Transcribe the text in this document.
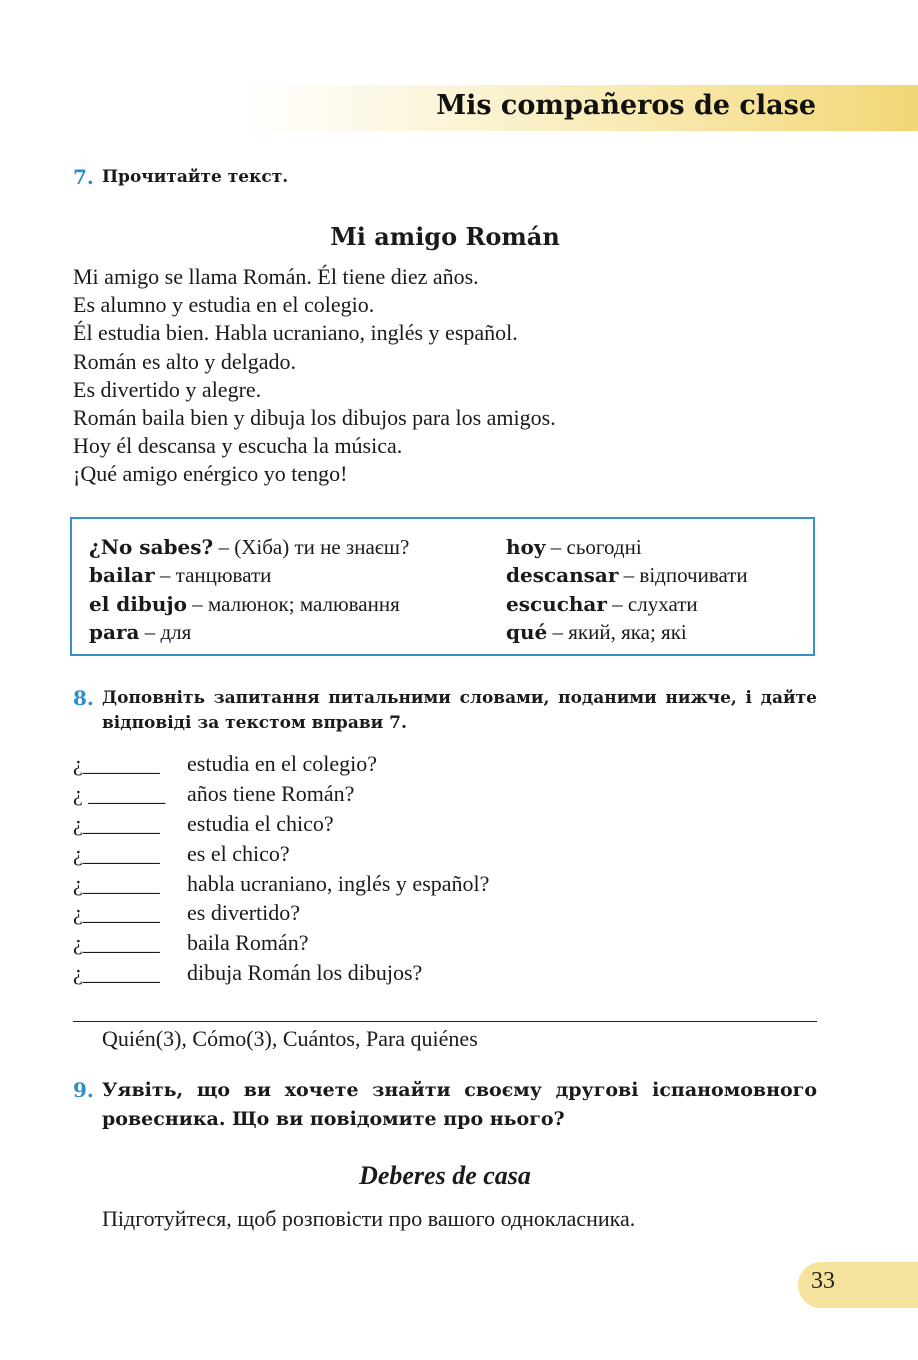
Mis compañeros de clase
7. Прочитайте текст.
Mi amigo Román
Mi amigo se llama Román. Él tiene diez años.
Es alumno y estudia en el colegio.
Él estudia bien. Habla ucraniano, inglés y español.
Román es alto y delgado.
Es divertido y alegre.
Román baila bien y dibuja los dibujos para los amigos.
Hoy él descansa y escucha la música.
¡Qué amigo enérgico yo tengo!
¿No sabes? – (Хіба) ти не знаєш?
bailar – танцювати
el dibujo – малюнок; малювання
para – для
hoy – сьогодні
descansar – відпочивати
escuchar – слухати
qué – який, яка; які
8. Доповніть запитання питальними словами, поданими нижче, і дайте відповіді за текстом вправи 7.
¿_______ estudia en el colegio?
¿ _______ años tiene Román?
¿_______ estudia el chico?
¿_______ es el chico?
¿_______ habla ucraniano, inglés y español?
¿_______ es divertido?
¿_______ baila Román?
¿_______ dibuja Román los dibujos?
Quién(3), Cómo(3), Cuántos, Para quiénes
9. Уявіть, що ви хочете знайти своєму другові іспаномовного ровесника. Що ви повідомите про нього?
Deberes de casa
Підготуйтеся, щоб розповісти про вашого однокласника.
33
